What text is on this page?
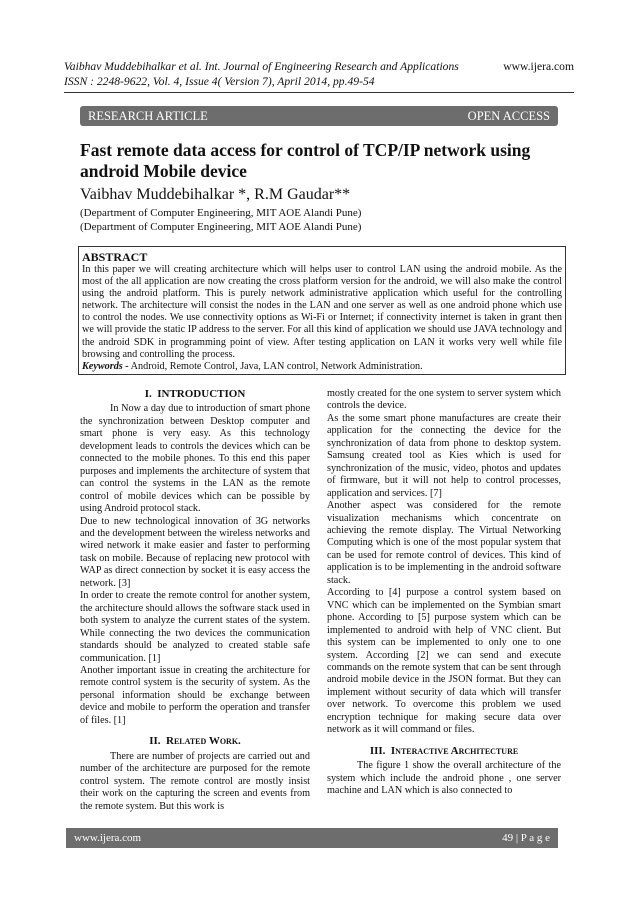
Vaibhav Muddebihalkar et al. Int. Journal of Engineering Research and Applications	www.ijera.com
ISSN : 2248-9622, Vol. 4, Issue 4( Version 7), April 2014, pp.49-54
RESEARCH ARTICLE	OPEN ACCESS
Fast remote data access for control of TCP/IP network using android Mobile device
Vaibhav Muddebihalkar *, R.M Gaudar**
(Department of Computer Engineering, MIT AOE Alandi Pune)
(Department of Computer Engineering, MIT AOE Alandi Pune)
ABSTRACT
In this paper we will creating architecture which will helps user to control LAN using the android mobile. As the most of the all application are now creating the cross platform version for the android, we will also make the control using the android platform. This is purely network administrative application which useful for the controlling network. The architecture will consist the nodes in the LAN and one server as well as one android phone which use to control the nodes. We use connectivity options as Wi-Fi or Internet; if connectivity internet is taken in grant then we will provide the static IP address to the server. For all this kind of application we should use JAVA technology and the android SDK in programming point of view. After testing application on LAN it works very well while file browsing and controlling the process.
Keywords - Android, Remote Control, Java, LAN control, Network Administration.

I. INTRODUCTION

In Now a day due to introduction of smart phone the synchronization between Desktop computer and smart phone is very easy. As this technology development leads to controls the devices which can be connected to the mobile phones. To this end this paper purposes and implements the architecture of system that can control the systems in the LAN as the remote control of mobile devices which can be possible by using Android protocol stack.

Due to new technological innovation of 3G networks and the development between the wireless networks and wired network it make easier and faster to performing task on mobile. Because of replacing new protocol with WAP as direct connection by socket it is easy access the network. [3]

In order to create the remote control for another system, the architecture should allows the software stack used in both system to analyze the current states of the system. While connecting the two devices the communication standards should be analyzed to created stable safe communication. [1]

Another important issue in creating the architecture for remote control system is the security of system. As the personal information should be exchange between device and mobile to perform the operation and transfer of files. [1]

II. Related Work.

There are number of projects are carried out and number of the architecture are purposed for the remote control system. The remote control are mostly insist their work on the capturing the screen and events from the remote system. But this work is

mostly created for the one system to server system which controls the device.

As the some smart phone manufactures are create their application for the connecting the device for the synchronization of data from phone to desktop system. Samsung created tool as Kies which is used for synchronization of the music, video, photos and updates of firmware, but it will not help to control processes, application and services. [7]

Another aspect was considered for the remote visualization mechanisms which concentrate on achieving the remote display. The Virtual Networking Computing which is one of the most popular system that can be used for remote control of devices. This kind of application is to be implementing in the android software stack.

According to [4] purpose a control system based on VNC which can be implemented on the Symbian smart phone. According to [5] purpose system which can be implemented to android with help of VNC client. But this system can be implemented to only one to one system. According [2] we can send and execute commands on the remote system that can be sent through android mobile device in the JSON format. But they can implement without security of data which will transfer over network. To overcome this problem we used encryption technique for making secure data over network as it will command or files.

III. Interactive Architecture

The figure 1 show the overall architecture of the system which include the android phone , one server machine and LAN which is also connected to

www.ijera.com	49 | P a g e
